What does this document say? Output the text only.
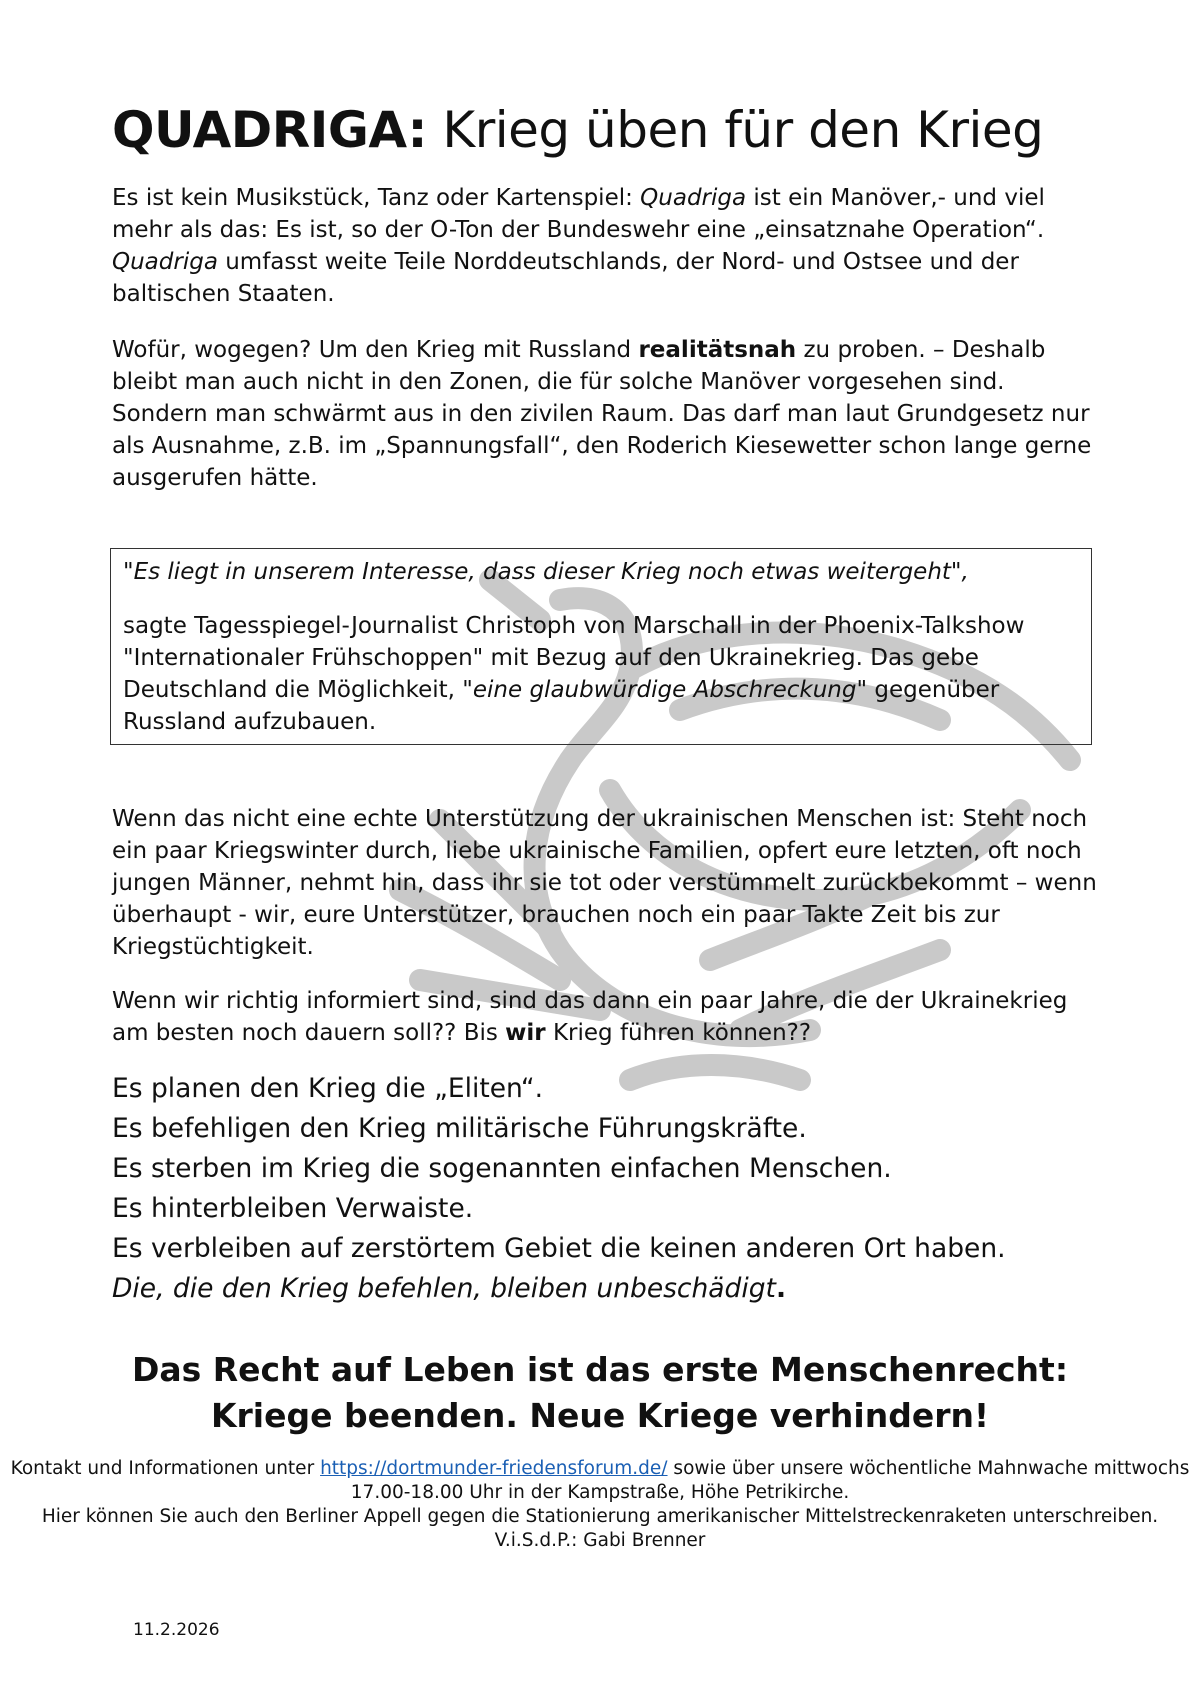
QUADRIGA: Krieg üben für den Krieg

Es ist kein Musikstück, Tanz oder Kartenspiel: Quadriga ist ein Manöver,- und viel mehr als das: Es ist, so der O-Ton der Bundeswehr eine „einsatznahe Operation“. Quadriga umfasst weite Teile Norddeutschlands, der Nord- und Ostsee und der baltischen Staaten.

Wofür, wogegen? Um den Krieg mit Russland realitätsnah zu proben. – Deshalb bleibt man auch nicht in den Zonen, die für solche Manöver vorgesehen sind. Sondern man schwärmt aus in den zivilen Raum. Das darf man laut Grundgesetz nur als Ausnahme, z.B. im „Spannungsfall“, den Roderich Kiesewetter schon lange gerne ausgerufen hätte.

"Es liegt in unserem Interesse, dass dieser Krieg noch etwas weitergeht",
sagte Tagesspiegel-Journalist Christoph von Marschall in der Phoenix-Talkshow "Internationaler Frühschoppen" mit Bezug auf den Ukrainekrieg. Das gebe Deutschland die Möglichkeit, "eine glaubwürdige Abschreckung" gegenüber Russland aufzubauen.

Wenn das nicht eine echte Unterstützung der ukrainischen Menschen ist: Steht noch ein paar Kriegswinter durch, liebe ukrainische Familien, opfert eure letzten, oft noch jungen Männer, nehmt hin, dass ihr sie tot oder verstümmelt zurückbekommt – wenn überhaupt - wir, eure Unterstützer, brauchen noch ein paar Takte Zeit bis zur Kriegstüchtigkeit.

Wenn wir richtig informiert sind, sind das dann ein paar Jahre, die der Ukrainekrieg am besten noch dauern soll?? Bis wir Krieg führen können??

Es planen den Krieg die „Eliten“.
Es befehligen den Krieg militärische Führungskräfte.
Es sterben im Krieg die sogenannten einfachen Menschen.
Es hinterbleiben Verwaiste.
Es verbleiben auf zerstörtem Gebiet die keinen anderen Ort haben.
Die, die den Krieg befehlen, bleiben unbeschädigt.
Das Recht auf Leben ist das erste Menschenrecht:
Kriege beenden. Neue Kriege verhindern!
Kontakt und Informationen unter https://dortmunder-friedensforum.de/ sowie über unsere wöchentliche Mahnwache mittwochs 17.00-18.00 Uhr in der Kampstraße, Höhe Petrikirche.
Hier können Sie auch den Berliner Appell gegen die Stationierung amerikanischer Mittelstreckenraketen unterschreiben.
V.i.S.d.P.: Gabi Brenner
11.2.2026
